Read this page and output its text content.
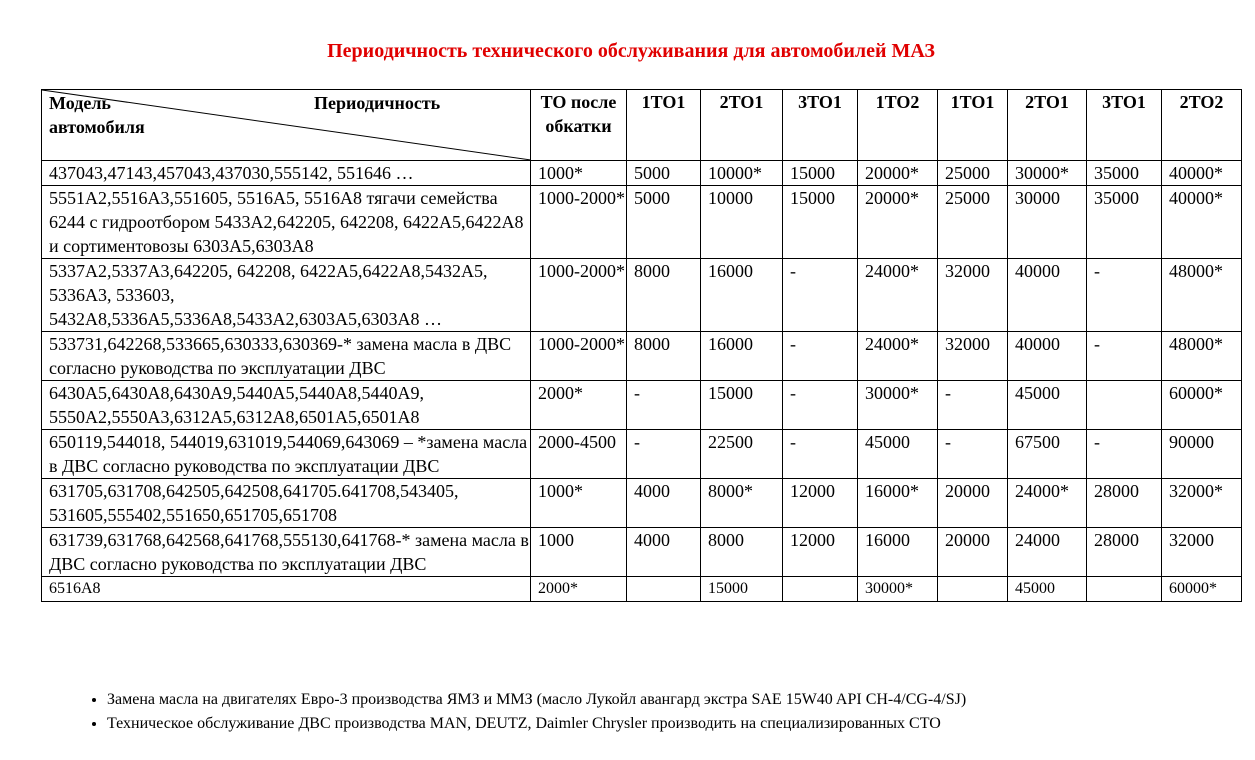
Периодичность технического обслуживания для автомобилей МАЗ
Модель
автомобиля
Периодичность	ТО после обкатки	1ТО1	2ТО1	3ТО1	1ТО2	1ТО1	2ТО1	3ТО1	2ТО2
437043,47143,457043,437030,555142, 551646 …	1000*	5000	10000*	15000	20000*	25000	30000*	35000	40000*
5551А2,5516А3,551605, 5516А5, 5516А8 тягачи семейства 6244 с гидроотбором 5433А2,642205, 642208, 6422А5,6422А8 и сортиментовозы 6303А5,6303А8	1000-2000*	5000	10000	15000	20000*	25000	30000	35000	40000*
5337А2,5337А3,642205, 642208, 6422А5,6422А8,5432А5, 5336А3, 533603, 5432А8,5336А5,5336А8,5433А2,6303А5,6303А8 …	1000-2000*	8000	16000	-	24000*	32000	40000	-	48000*
533731,642268,533665,630333,630369-* замена масла в ДВС согласно руководства по эксплуатации ДВС	1000-2000*	8000	16000	-	24000*	32000	40000	-	48000*
6430А5,6430А8,6430А9,5440А5,5440А8,5440А9, 5550А2,5550А3,6312А5,6312А8,6501А5,6501А8	2000*	-	15000	-	30000*	-	45000		60000*
650119,544018, 544019,631019,544069,643069 – *замена масла в ДВС согласно руководства по эксплуатации ДВС	2000-4500	-	22500	-	45000	-	67500	-	90000
631705,631708,642505,642508,641705.641708,543405, 531605,555402,551650,651705,651708	1000*	4000	8000*	12000	16000*	20000	24000*	28000	32000*
631739,631768,642568,641768,555130,641768-* замена масла в ДВС согласно руководства по эксплуатации ДВС	1000	4000	8000	12000	16000	20000	24000	28000	32000
6516А8	2000*		15000		30000*		45000		60000*
• Замена масла на двигателях Евро-3 производства ЯМЗ и ММЗ (масло Лукойл авангард экстра SAE 15W40 API CH-4/CG-4/SJ)
• Техническое обслуживание ДВС производства MAN, DEUTZ, Daimler Chrysler производить на специализированных СТО
